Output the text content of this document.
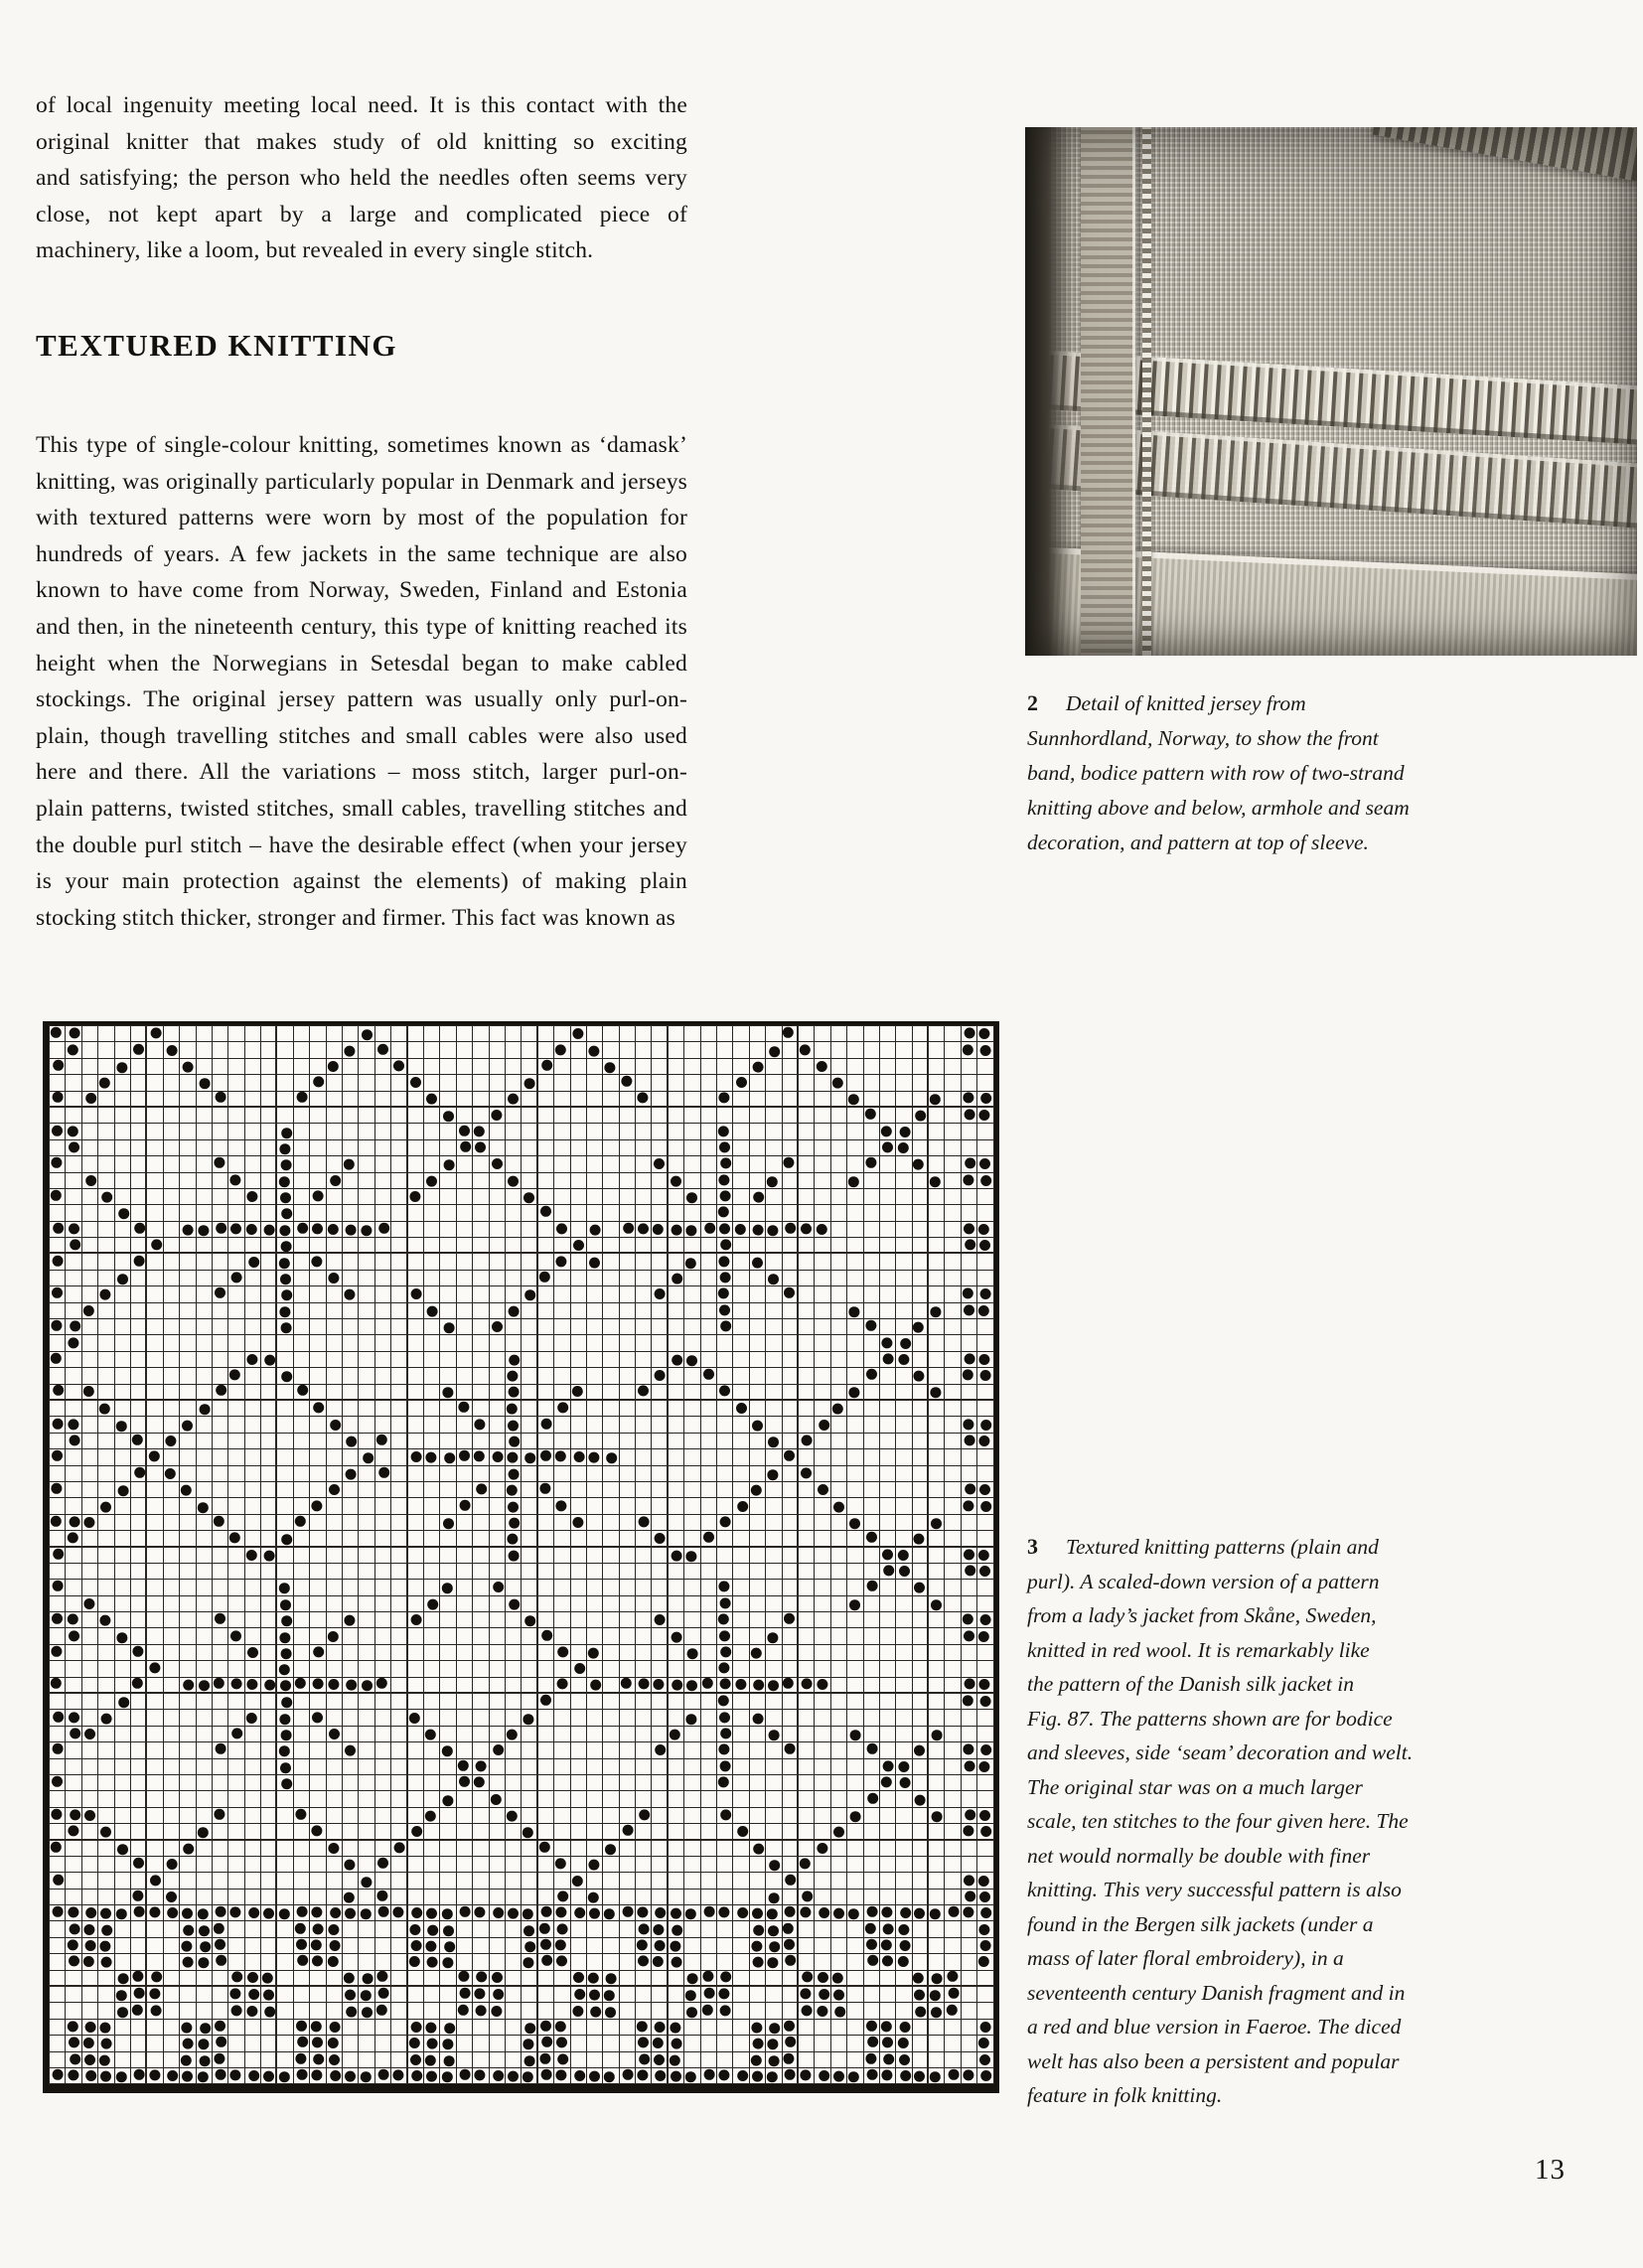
of local ingenuity meeting local need. It is this contact with the
original knitter that makes study of old knitting so exciting
and satisfying; the person who held the needles often seems very
close, not kept apart by a large and complicated piece of
machinery, like a loom, but revealed in every single stitch.
TEXTURED KNITTING
This type of single-colour knitting, sometimes known as ‘damask’
knitting, was originally particularly popular in Denmark and jerseys
with textured patterns were worn by most of the population for
hundreds of years. A few jackets in the same technique are also
known to have come from Norway, Sweden, Finland and Estonia
and then, in the nineteenth century, this type of knitting reached its
height when the Norwegians in Setesdal began to make cabled
stockings. The original jersey pattern was usually only purl-on-
plain, though travelling stitches and small cables were also used
here and there. All the variations – moss stitch, larger purl-on-
plain patterns, twisted stitches, small cables, travelling stitches and
the double purl stitch – have the desirable effect (when your jersey
is your main protection against the elements) of making plain
stocking stitch thicker, stronger and firmer. This fact was known as
2 Detail of knitted jersey from
Sunnhordland, Norway, to show the front
band, bodice pattern with row of two-strand
knitting above and below, armhole and seam
decoration, and pattern at top of sleeve.
3 Textured knitting patterns (plain and
purl). A scaled-down version of a pattern
from a lady’s jacket from Skåne, Sweden,
knitted in red wool. It is remarkably like
the pattern of the Danish silk jacket in
Fig. 87. The patterns shown are for bodice
and sleeves, side ‘seam’ decoration and welt.
The original star was on a much larger
scale, ten stitches to the four given here. The
net would normally be double with finer
knitting. This very successful pattern is also
found in the Bergen silk jackets (under a
mass of later floral embroidery), in a
seventeenth century Danish fragment and in
a red and blue version in Faeroe. The diced
welt has also been a persistent and popular
feature in folk knitting.
13
